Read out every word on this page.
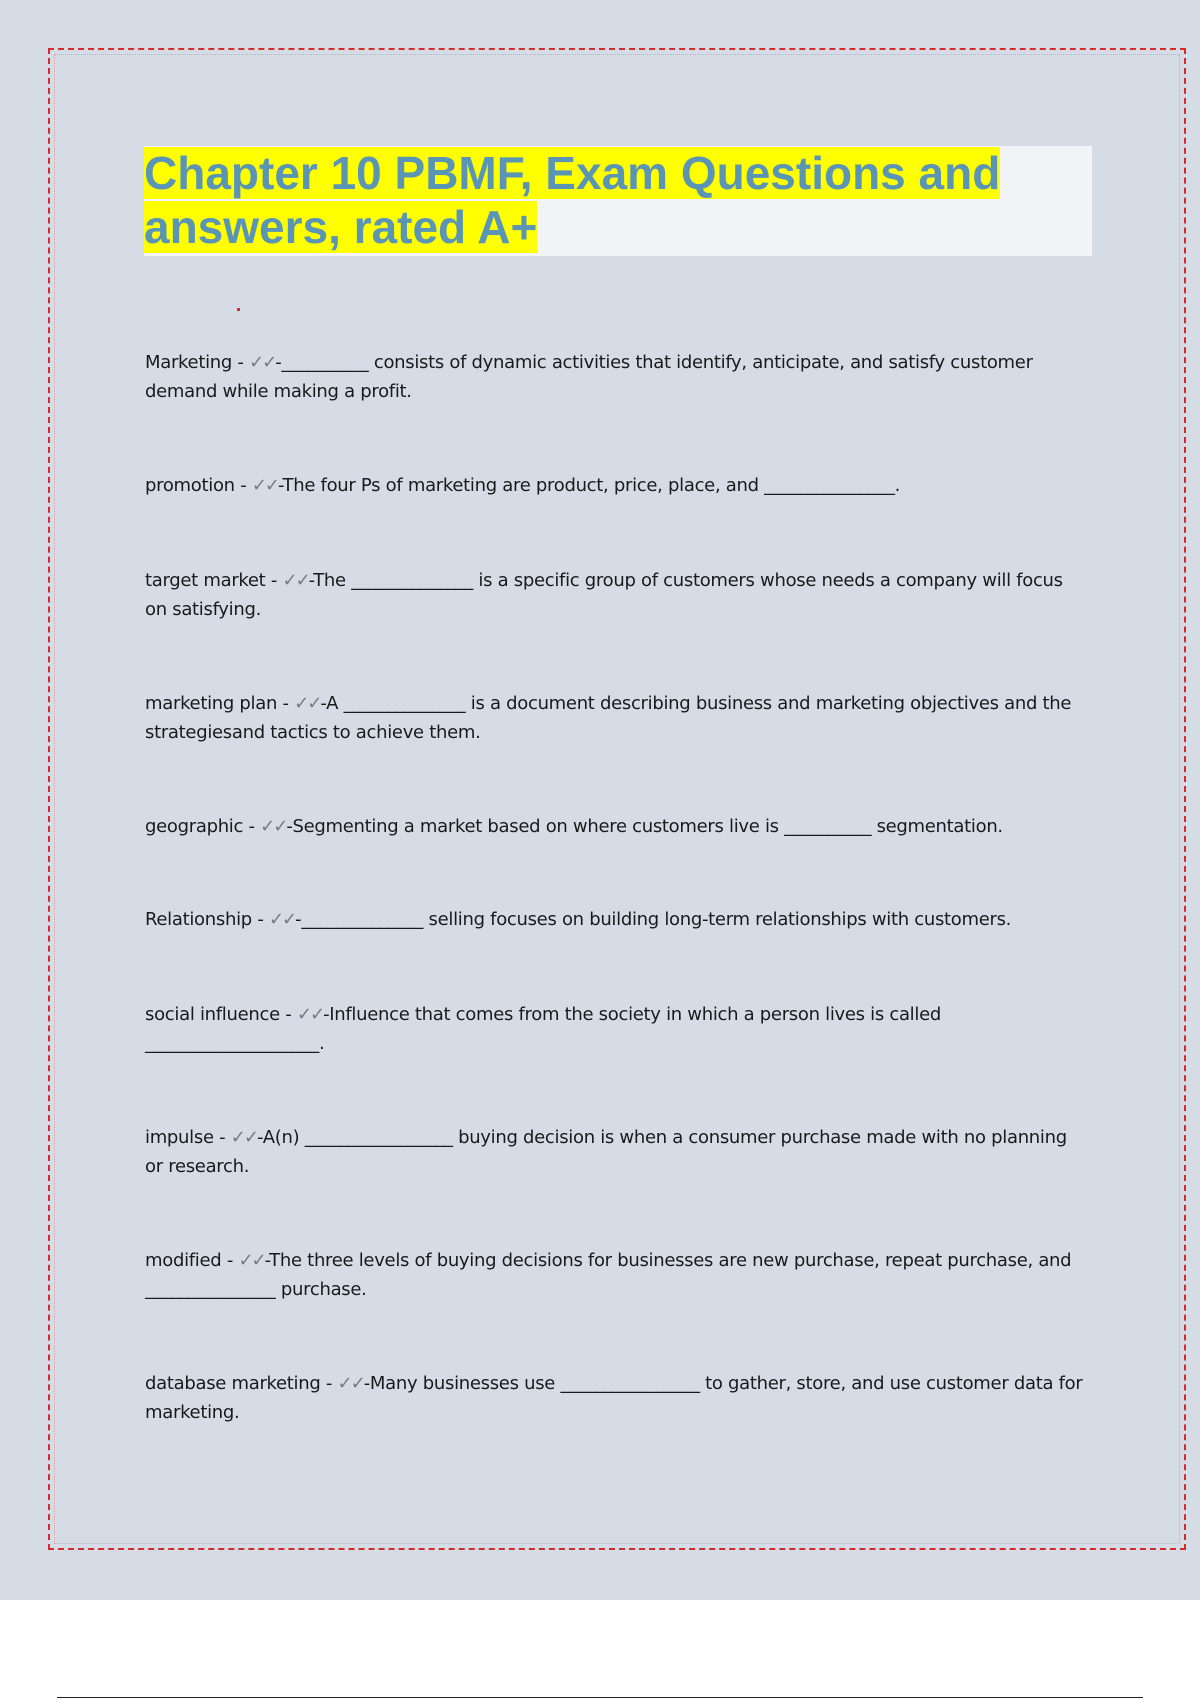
Chapter 10 PBMF, Exam Questions and
answers, rated A+

Marketing - ✓✓-__________ consists of dynamic activities that identify, anticipate, and satisfy customer demand while making a profit.

promotion - ✓✓-The four Ps of marketing are product, price, place, and _______________.

target market - ✓✓-The ______________ is a specific group of customers whose needs a company will focus on satisfying.

marketing plan - ✓✓-A ______________ is a document describing business and marketing objectives and the strategiesand tactics to achieve them.

geographic - ✓✓-Segmenting a market based on where customers live is __________ segmentation.

Relationship - ✓✓-______________ selling focuses on building long-term relationships with customers.

social influence - ✓✓-Influence that comes from the society in which a person lives is called ____________________.

impulse - ✓✓-A(n) _________________ buying decision is when a consumer purchase made with no planning or research.

modified - ✓✓-The three levels of buying decisions for businesses are new purchase, repeat purchase, and _______________ purchase.

database marketing - ✓✓-Many businesses use ________________ to gather, store, and use customer data for marketing.
